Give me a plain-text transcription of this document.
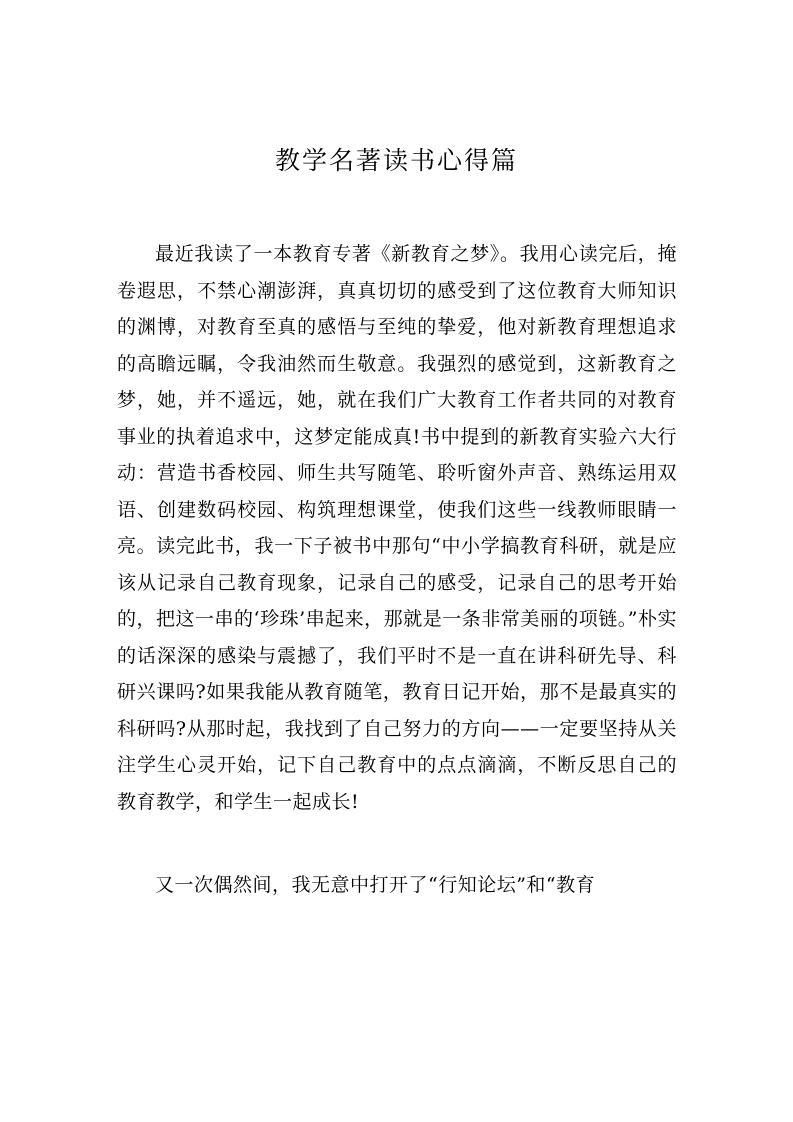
教学名著读书心得篇

最近我读了一本教育专著《新教育之梦》。我用心读完后，掩卷遐思，不禁心潮澎湃，真真切切的感受到了这位教育大师知识的渊博，对教育至真的感悟与至纯的挚爱，他对新教育理想追求的高瞻远瞩，令我油然而生敬意。我强烈的感觉到，这新教育之梦，她，并不遥远，她，就在我们广大教育工作者共同的对教育事业的执着追求中，这梦定能成真!书中提到的新教育实验六大行动：营造书香校园、师生共写随笔、聆听窗外声音、熟练运用双语、创建数码校园、构筑理想课堂，使我们这些一线教师眼睛一亮。读完此书，我一下子被书中那句“中小学搞教育科研，就是应该从记录自己教育现象，记录自己的感受，记录自己的思考开始的，把这一串的‘珍珠’串起来，那就是一条非常美丽的项链。”朴实的话深深的感染与震撼了，我们平时不是一直在讲科研先导、科研兴课吗?如果我能从教育随笔，教育日记开始，那不是最真实的科研吗?从那时起，我找到了自己努力的方向——一定要坚持从关注学生心灵开始，记下自己教育中的点点滴滴，不断反思自己的教育教学，和学生一起成长!

又一次偶然间，我无意中打开了“行知论坛”和“教育
